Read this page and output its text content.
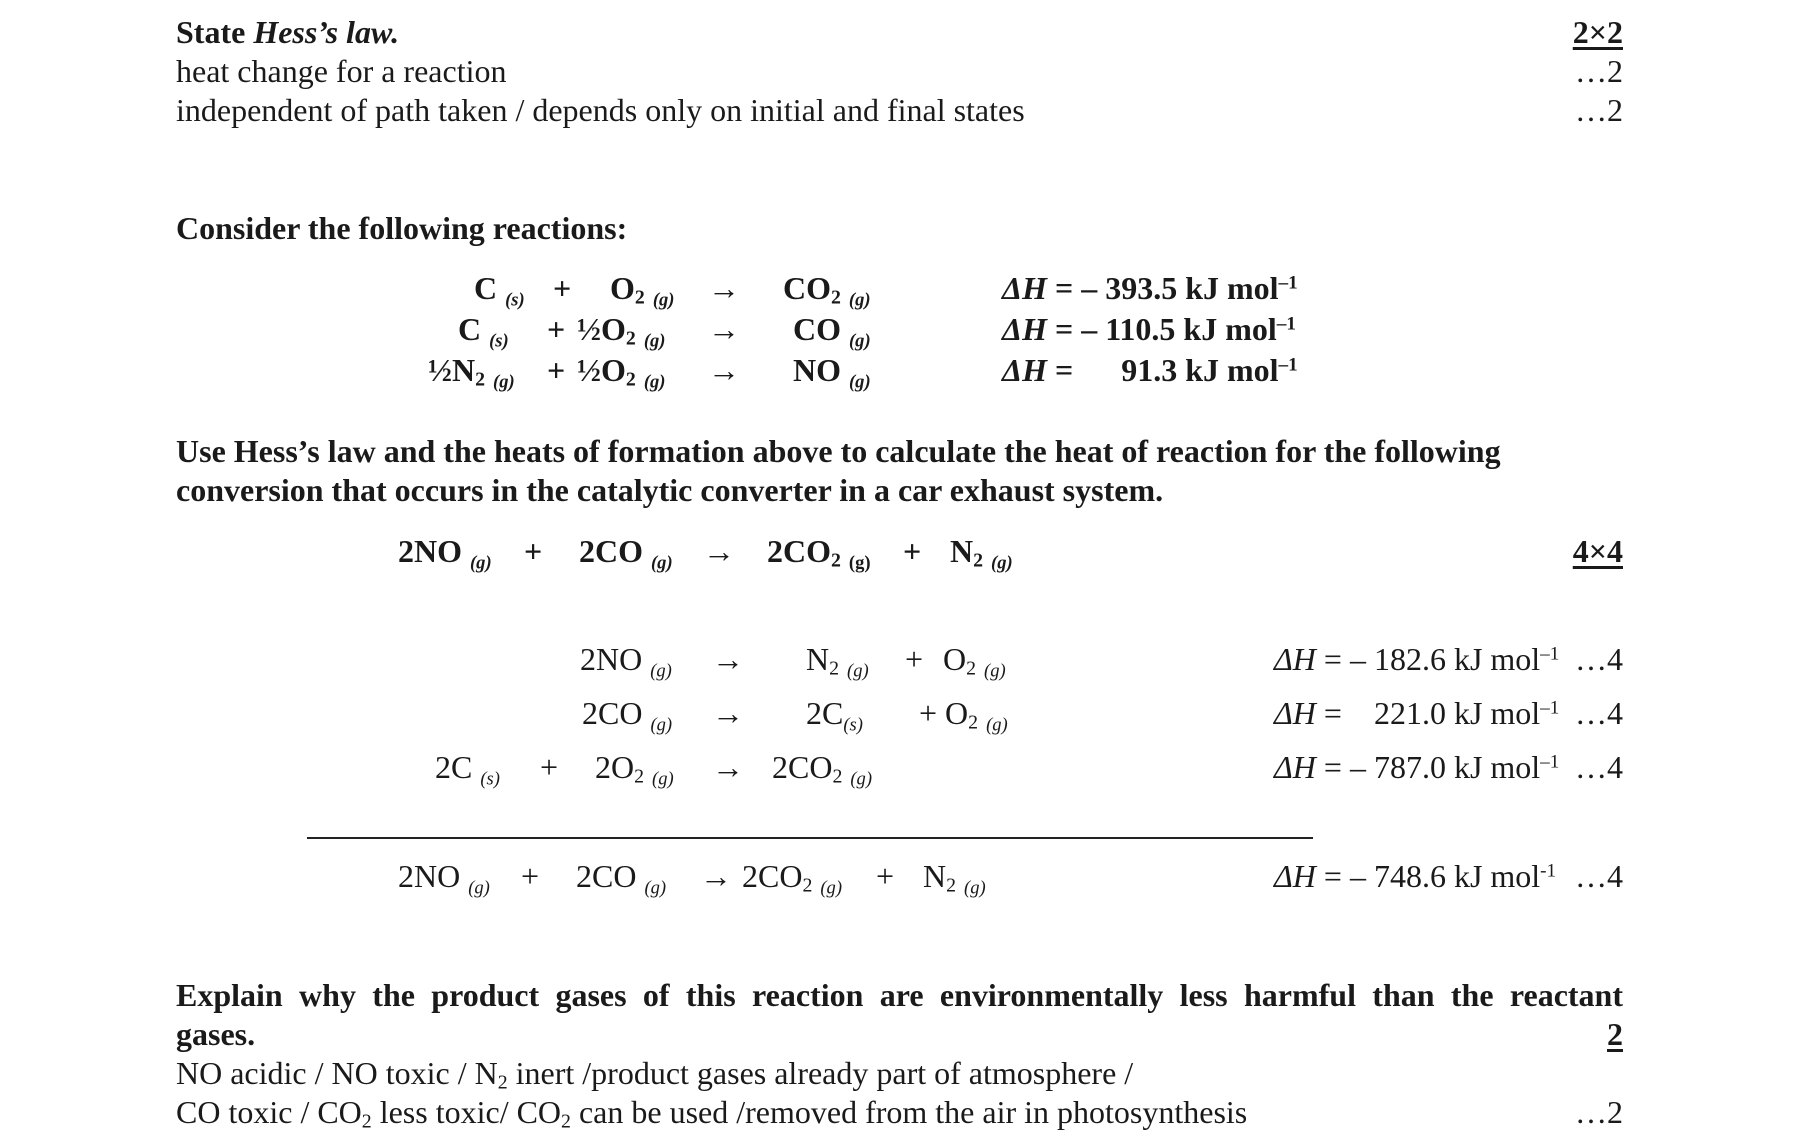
State Hess’s law.	2×2
heat change for a reaction	…2
independent of path taken / depends only on initial and final states	…2
Consider the following reactions:
C $_{(s)} + O_2$ $_{(g)} \to CO_2$ $_{(g)}$	ΔH = – 393.5 kJ mol$^{-1}$
C $_{(s)} + \frac{1}{2}O_2$ $_{(g)}$ → CO $_{(g)}$	ΔH = – 110.5 kJ mol$^{-1}$
$\frac{1}{2}N_2$ $_{(g)} + \frac{1}{2}O_2$ $_{(g)}$ → NO $_{(g)}$	ΔH =      91.3 kJ mol$^{-1}$
Use Hess’s law and the heats of formation above to calculate the heat of reaction for the following
conversion that occurs in the catalytic converter in a car exhaust system.
2NO $_{(g)}$ + 2CO $_{(g)} \to 2CO_2$ $_{(g)} + N_2$ $_{(g)}$	4×4
2NO $_{(g)} \to N_2$ $_{(g)} + O_2$ $_{(g)}$	ΔH = – 182.6 kJ mol$^{-1}$ …4
2CO $_{(g)} \to 2C_{(s)} + O_2$ $_{(g)}$	ΔH =    221.0 kJ mol$^{-1}$ …4
2C $_{(s)} + 2O_2$ $_{(g)} \to 2CO_2$ $_{(g)}$	ΔH = – 787.0 kJ mol$^{-1}$ …4
2NO $_{(g)}$ + 2CO $_{(g)} \to 2CO_2$ $_{(g)} + N_2$ $_{(g)}$	ΔH = – 748.6 kJ mol$^{-1}$ …4
Explain why the product gases of this reaction are environmentally less harmful than the reactant
gases.	2
NO acidic / NO toxic / $N_2$ inert /product gases already part of atmosphere /
CO toxic / $CO_2$ less toxic/ $CO_2$ can be used /removed from the air in photosynthesis	…2
